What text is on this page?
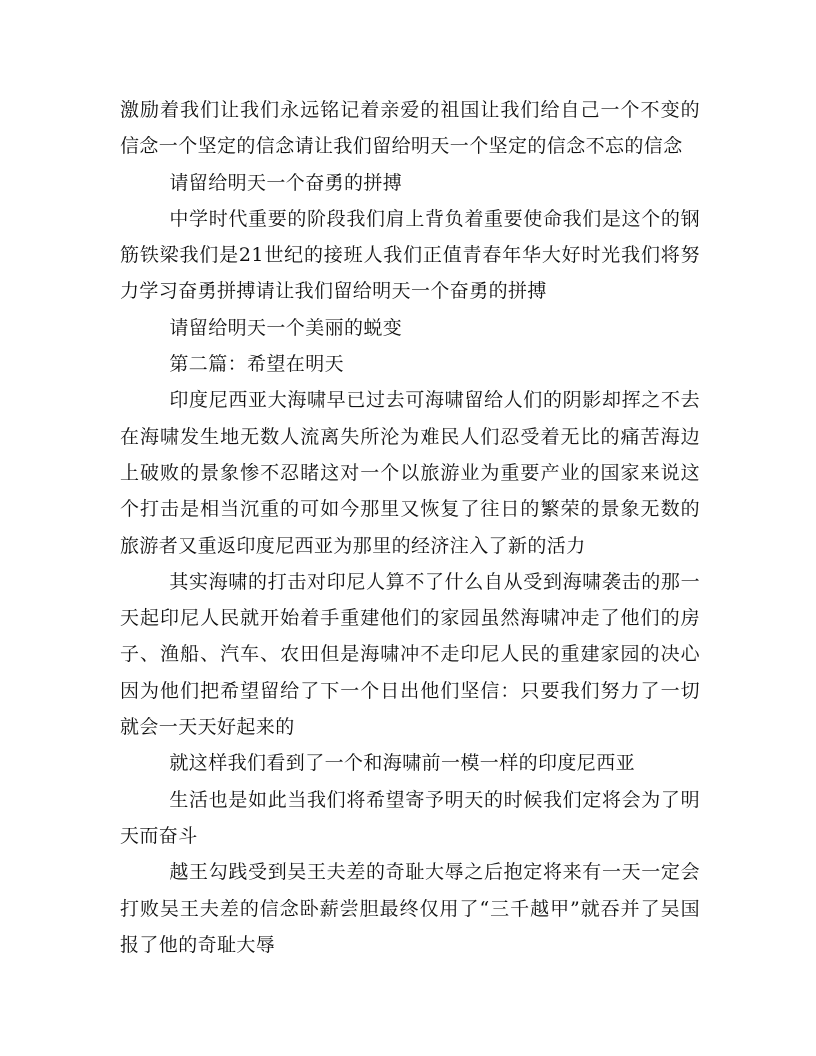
激励着我们让我们永远铭记着亲爱的祖国让我们给自己一个不变的信念一个坚定的信念请让我们留给明天一个坚定的信念不忘的信念

请留给明天一个奋勇的拼搏

中学时代重要的阶段我们肩上背负着重要使命我们是这个的钢筋铁梁我们是21世纪的接班人我们正值青春年华大好时光我们将努力学习奋勇拼搏请让我们留给明天一个奋勇的拼搏

请留给明天一个美丽的蜕变

第二篇：希望在明天

印度尼西亚大海啸早已过去可海啸留给人们的阴影却挥之不去在海啸发生地无数人流离失所沦为难民人们忍受着无比的痛苦海边上破败的景象惨不忍睹这对一个以旅游业为重要产业的国家来说这个打击是相当沉重的可如今那里又恢复了往日的繁荣的景象无数的旅游者又重返印度尼西亚为那里的经济注入了新的活力

其实海啸的打击对印尼人算不了什么自从受到海啸袭击的那一天起印尼人民就开始着手重建他们的家园虽然海啸冲走了他们的房子、渔船、汽车、农田但是海啸冲不走印尼人民的重建家园的决心因为他们把希望留给了下一个日出他们坚信：只要我们努力了一切就会一天天好起来的

就这样我们看到了一个和海啸前一模一样的印度尼西亚

生活也是如此当我们将希望寄予明天的时候我们定将会为了明天而奋斗

越王勾践受到吴王夫差的奇耻大辱之后抱定将来有一天一定会打败吴王夫差的信念卧薪尝胆最终仅用了“三千越甲”就吞并了吴国报了他的奇耻大辱
